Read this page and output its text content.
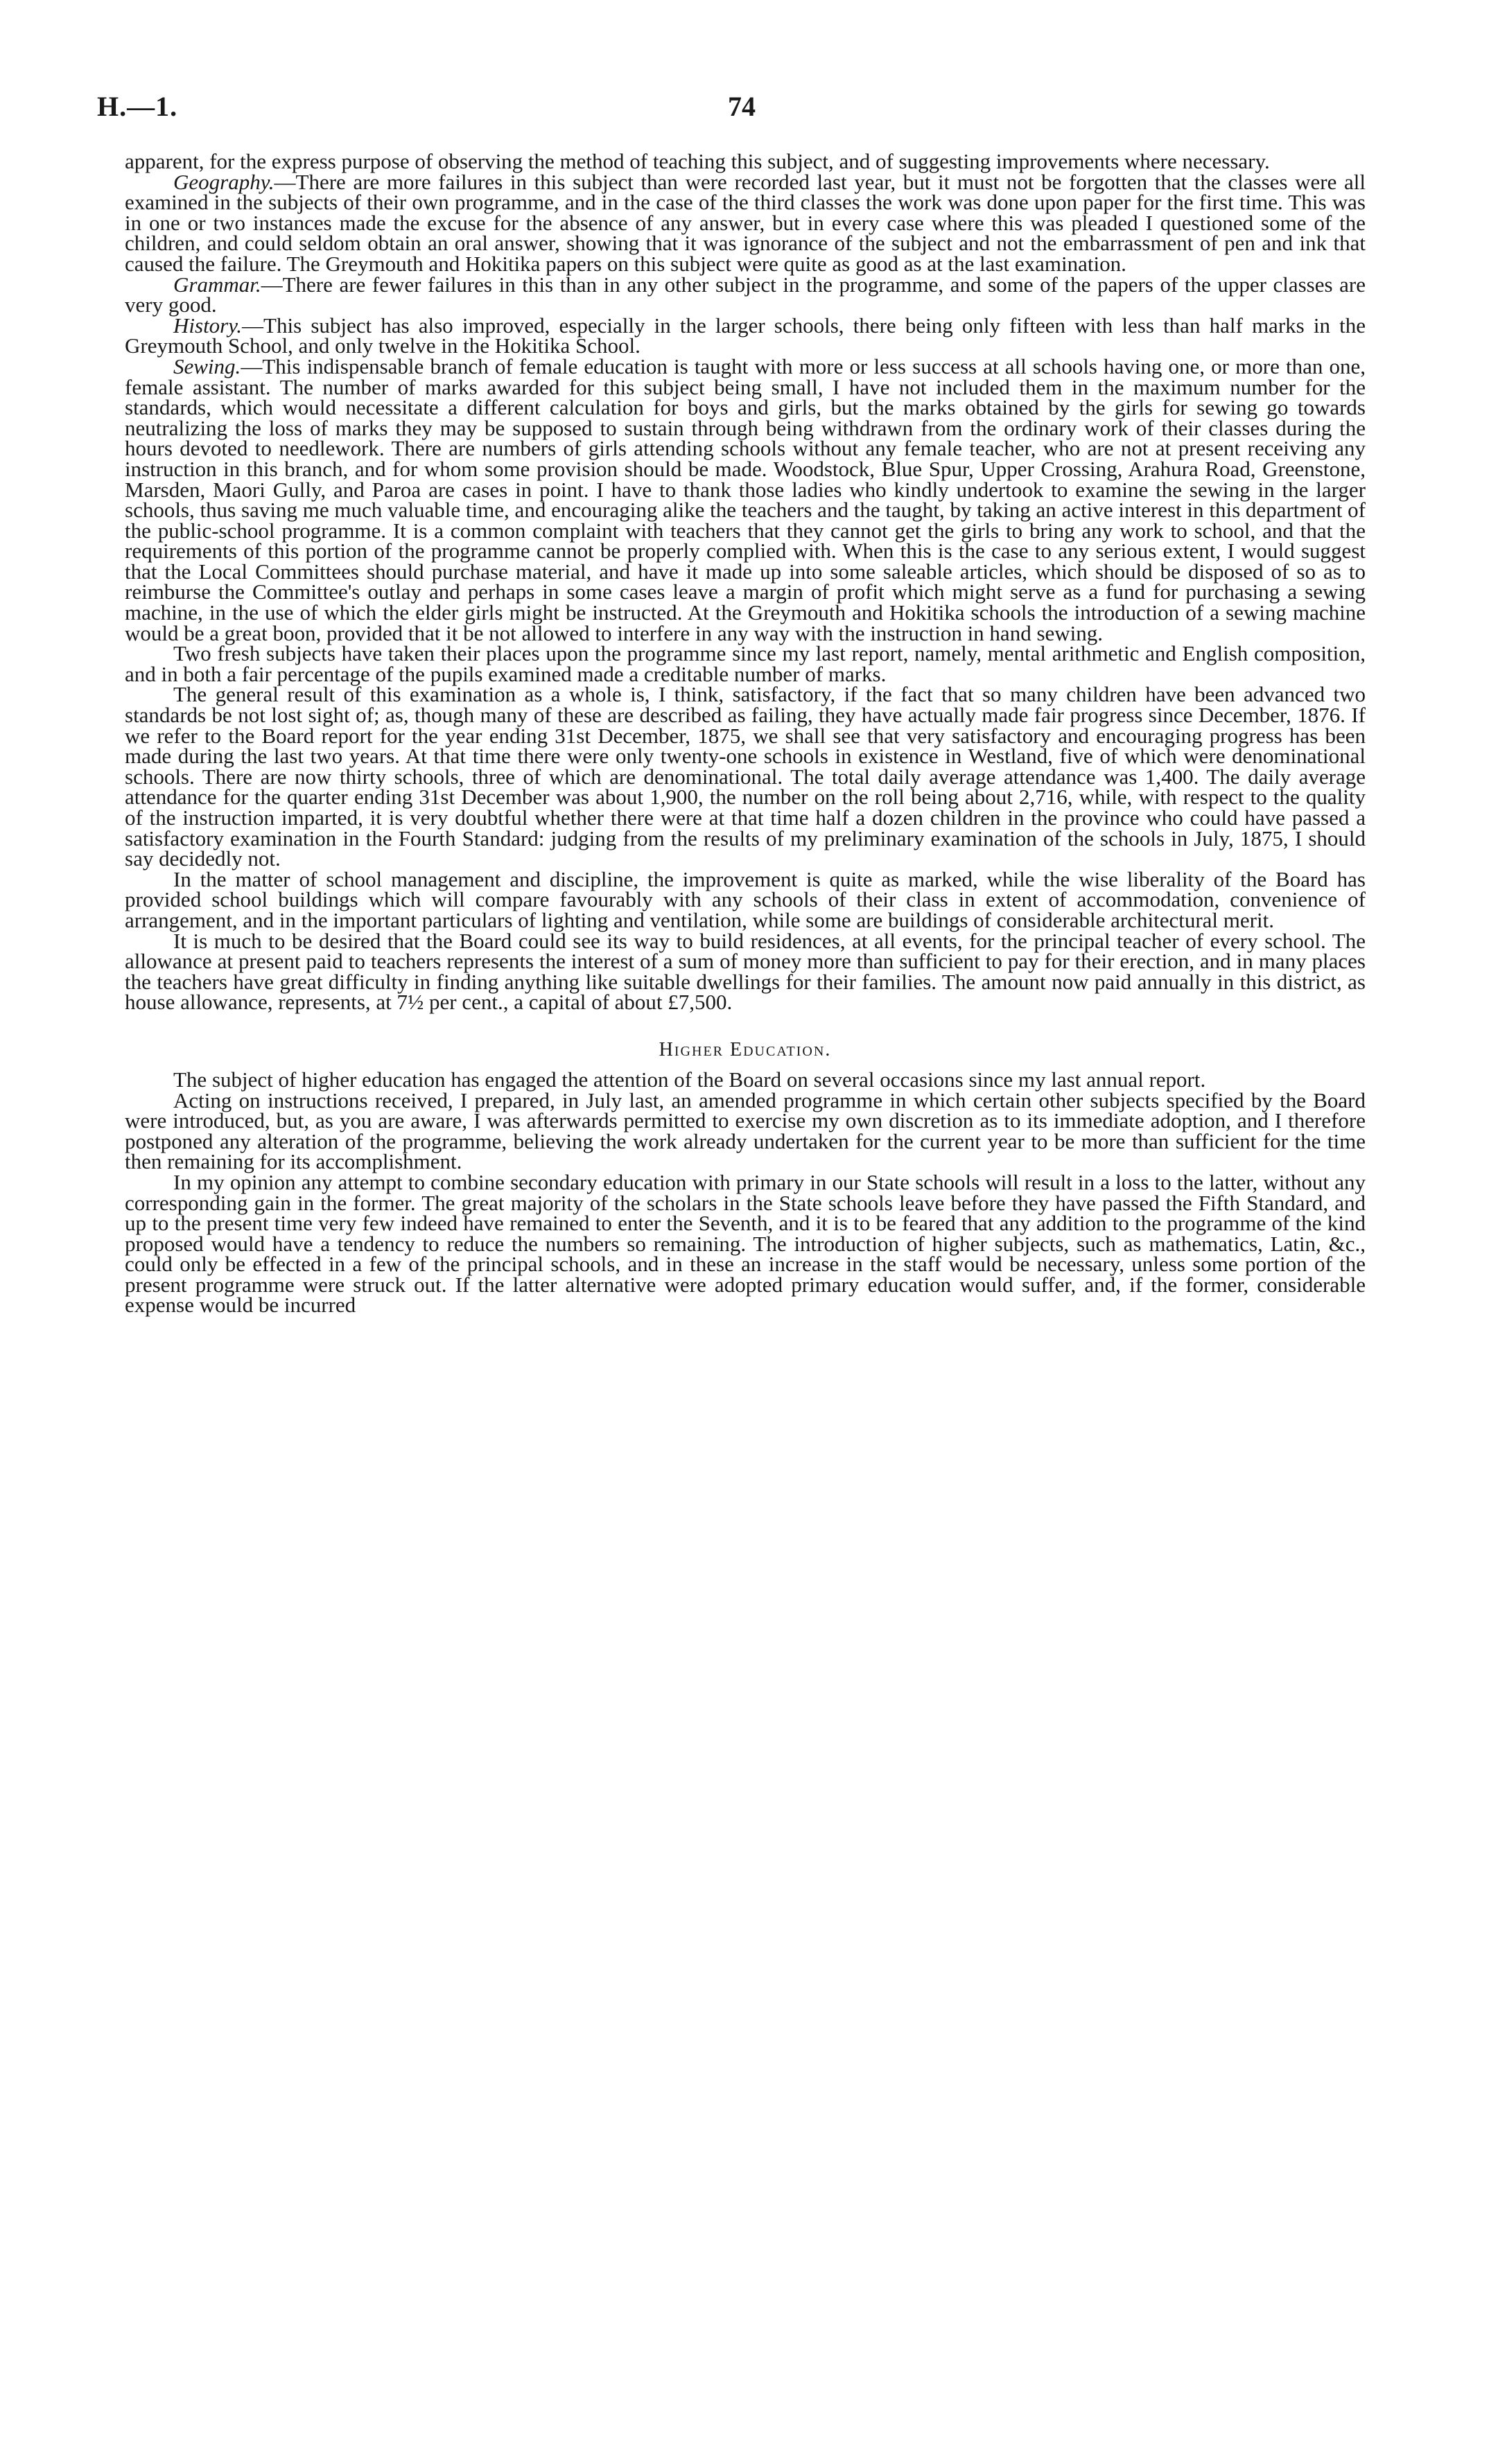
H.—1.	74

apparent, for the express purpose of observing the method of teaching this subject, and of suggesting improvements where necessary.

Geography.—There are more failures in this subject than were recorded last year, but it must not be forgotten that the classes were all examined in the subjects of their own programme, and in the case of the third classes the work was done upon paper for the first time. This was in one or two instances made the excuse for the absence of any answer, but in every case where this was pleaded I questioned some of the children, and could seldom obtain an oral answer, showing that it was ignorance of the subject and not the embarrassment of pen and ink that caused the failure. The Greymouth and Hokitika papers on this subject were quite as good as at the last examination.

Grammar.—There are fewer failures in this than in any other subject in the programme, and some of the papers of the upper classes are very good.

History.—This subject has also improved, especially in the larger schools, there being only fifteen with less than half marks in the Greymouth School, and only twelve in the Hokitika School.

Sewing.—This indispensable branch of female education is taught with more or less success at all schools having one, or more than one, female assistant. The number of marks awarded for this subject being small, I have not included them in the maximum number for the standards, which would necessitate a different calculation for boys and girls, but the marks obtained by the girls for sewing go towards neutralizing the loss of marks they may be supposed to sustain through being withdrawn from the ordinary work of their classes during the hours devoted to needlework. There are numbers of girls attending schools without any female teacher, who are not at present receiving any instruction in this branch, and for whom some provision should be made. Woodstock, Blue Spur, Upper Crossing, Arahura Road, Greenstone, Marsden, Maori Gully, and Paroa are cases in point. I have to thank those ladies who kindly undertook to examine the sewing in the larger schools, thus saving me much valuable time, and encouraging alike the teachers and the taught, by taking an active interest in this department of the public-school programme. It is a common complaint with teachers that they cannot get the girls to bring any work to school, and that the requirements of this portion of the programme cannot be properly complied with. When this is the case to any serious extent, I would suggest that the Local Committees should purchase material, and have it made up into some saleable articles, which should be disposed of so as to reimburse the Committee's outlay and perhaps in some cases leave a margin of profit which might serve as a fund for purchasing a sewing machine, in the use of which the elder girls might be instructed. At the Greymouth and Hokitika schools the introduction of a sewing machine would be a great boon, provided that it be not allowed to interfere in any way with the instruction in hand sewing.

Two fresh subjects have taken their places upon the programme since my last report, namely, mental arithmetic and English composition, and in both a fair percentage of the pupils examined made a creditable number of marks.

The general result of this examination as a whole is, I think, satisfactory, if the fact that so many children have been advanced two standards be not lost sight of; as, though many of these are described as failing, they have actually made fair progress since December, 1876. If we refer to the Board report for the year ending 31st December, 1875, we shall see that very satisfactory and encouraging progress has been made during the last two years. At that time there were only twenty-one schools in existence in Westland, five of which were denominational schools. There are now thirty schools, three of which are denominational. The total daily average attendance was 1,400. The daily average attendance for the quarter ending 31st December was about 1,900, the number on the roll being about 2,716, while, with respect to the quality of the instruction imparted, it is very doubtful whether there were at that time half a dozen children in the province who could have passed a satisfactory examination in the Fourth Standard: judging from the results of my preliminary examination of the schools in July, 1875, I should say decidedly not.

In the matter of school management and discipline, the improvement is quite as marked, while the wise liberality of the Board has provided school buildings which will compare favourably with any schools of their class in extent of accommodation, convenience of arrangement, and in the important particulars of lighting and ventilation, while some are buildings of considerable architectural merit.

It is much to be desired that the Board could see its way to build residences, at all events, for the principal teacher of every school. The allowance at present paid to teachers represents the interest of a sum of money more than sufficient to pay for their erection, and in many places the teachers have great difficulty in finding anything like suitable dwellings for their families. The amount now paid annually in this district, as house allowance, represents, at 7½ per cent., a capital of about £7,500.

Higher Education.

The subject of higher education has engaged the attention of the Board on several occasions since my last annual report.

Acting on instructions received, I prepared, in July last, an amended programme in which certain other subjects specified by the Board were introduced, but, as you are aware, I was afterwards permitted to exercise my own discretion as to its immediate adoption, and I therefore postponed any alteration of the programme, believing the work already undertaken for the current year to be more than sufficient for the time then remaining for its accomplishment.

In my opinion any attempt to combine secondary education with primary in our State schools will result in a loss to the latter, without any corresponding gain in the former. The great majority of the scholars in the State schools leave before they have passed the Fifth Standard, and up to the present time very few indeed have remained to enter the Seventh, and it is to be feared that any addition to the programme of the kind proposed would have a tendency to reduce the numbers so remaining. The introduction of higher subjects, such as mathematics, Latin, &c., could only be effected in a few of the principal schools, and in these an increase in the staff would be necessary, unless some portion of the present programme were struck out. If the latter alternative were adopted primary education would suffer, and, if the former, considerable expense would be incurred
